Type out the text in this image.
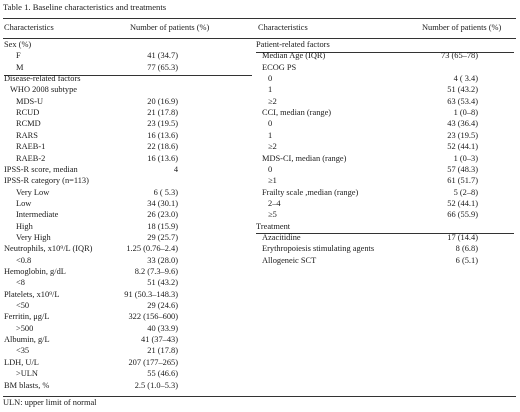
Table 1. Baseline characteristics and treatments
Characteristics	Number of patients (%)	Characteristics	Number of patients (%)
Sex (%)
F	41 (34.7)
M	77 (65.3)
Disease-related factors
WHO 2008 subtype
MDS-U	20 (16.9)
RCUD	21 (17.8)
RCMD	23 (19.5)
RARS	16 (13.6)
RAEB-1	22 (18.6)
RAEB-2	16 (13.6)
IPSS-R score, median	4
IPSS-R category (n=113)
Very Low	6 ( 5.3)
Low	34 (30.1)
Intermediate	26 (23.0)
High	18 (15.9)
Very High	29 (25.7)
Neutrophils, x10⁹/L (IQR)	1.25 (0.76–2.4)
<0.8	33 (28.0)
Hemoglobin, g/dL	8.2 (7.3–9.6)
<8	51 (43.2)
Platelets, x10⁹/L	91 (50.3–148.3)
<50	29 (24.6)
Ferritin, μg/L	322 (156–600)
>500	40 (33.9)
Albumin, g/L	41 (37–43)
<35	21 (17.8)
LDH, U/L	207 (177–265)
>ULN	55 (46.6)
BM blasts, %	2.5 (1.0–5.3)
Patient-related factors
Median Age (IQR)	73 (65–78)
ECOG PS
0	4 ( 3.4)
1	51 (43.2)
≥2	63 (53.4)
CCI, median (range)	1 (0–8)
0	43 (36.4)
1	23 (19.5)
≥2	52 (44.1)
MDS-CI, median (range)	1 (0–3)
0	57 (48.3)
≥1	61 (51.7)
Frailty scale ,median (range)	5 (2–8)
2–4	52 (44.1)
≥5	66 (55.9)
Treatment
Azacitidine	17 (14.4)
Erythropoiesis stimulating agents	8 (6.8)
Allogeneic SCT	6 (5.1)
ULN: upper limit of normal
